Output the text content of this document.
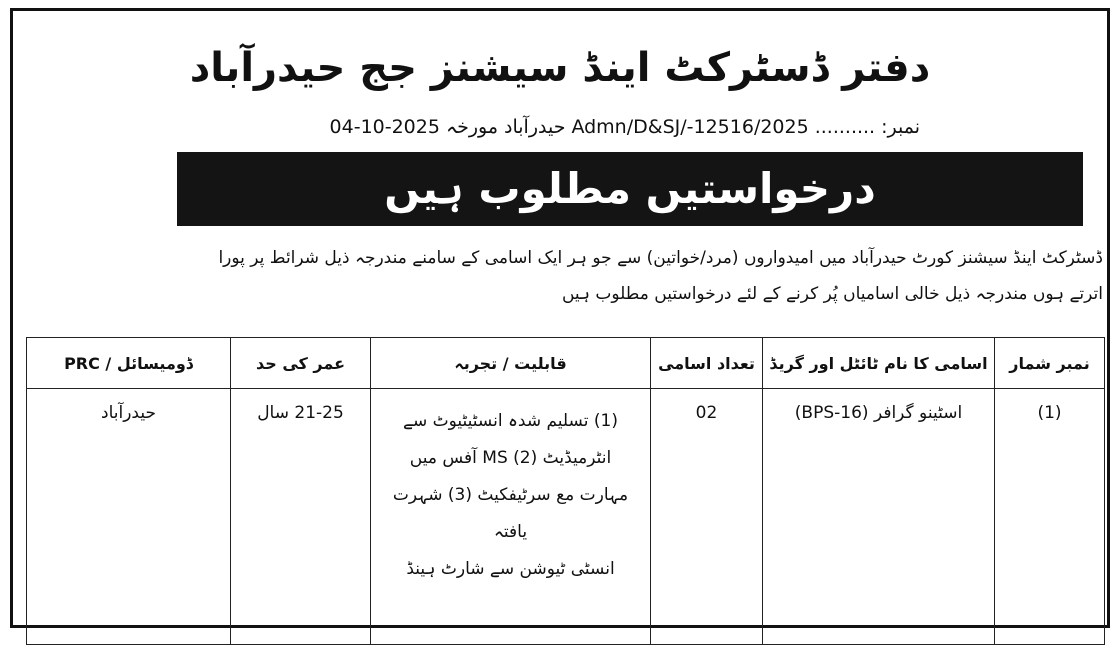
دفتر ڈسٹرکٹ اینڈ سیشنز جج حیدرآباد
نمبر:Admn/D&SJ/-12516/2025 ..........حیدرآبادمورخہ04-10-2025
درخواستیں مطلوب ہیں

ڈسٹرکٹ اینڈ سیشنز کورٹ حیدرآباد میں امیدواروں (مرد/خواتین) سے جو ہر ایک اسامی کے سامنے مندرجہ ذیل شرائط پر پورا

اترتے ہوں مندرجہ ذیل خالی اسامیاں پُر کرنے کے لئے درخواستیں مطلوب ہیں

نمبر شمار	اسامی کا نام ٹائٹل اور گریڈ	تعداد اسامی	قابلیت / تجربہ	عمر کی حد	ڈومیسائل / PRC
(1)	اسٹینو گرافر (BPS-16)	02	(1) تسلیم شدہ انسٹیٹیوٹ سے
انٹرمیڈیٹ (2) MS آفس میں
مہارت مع سرٹیفکیٹ (3) شہرت یافتہ
انسٹی ٹیوشن سے شارٹ ہینڈ	21-25 سال	حیدرآباد
